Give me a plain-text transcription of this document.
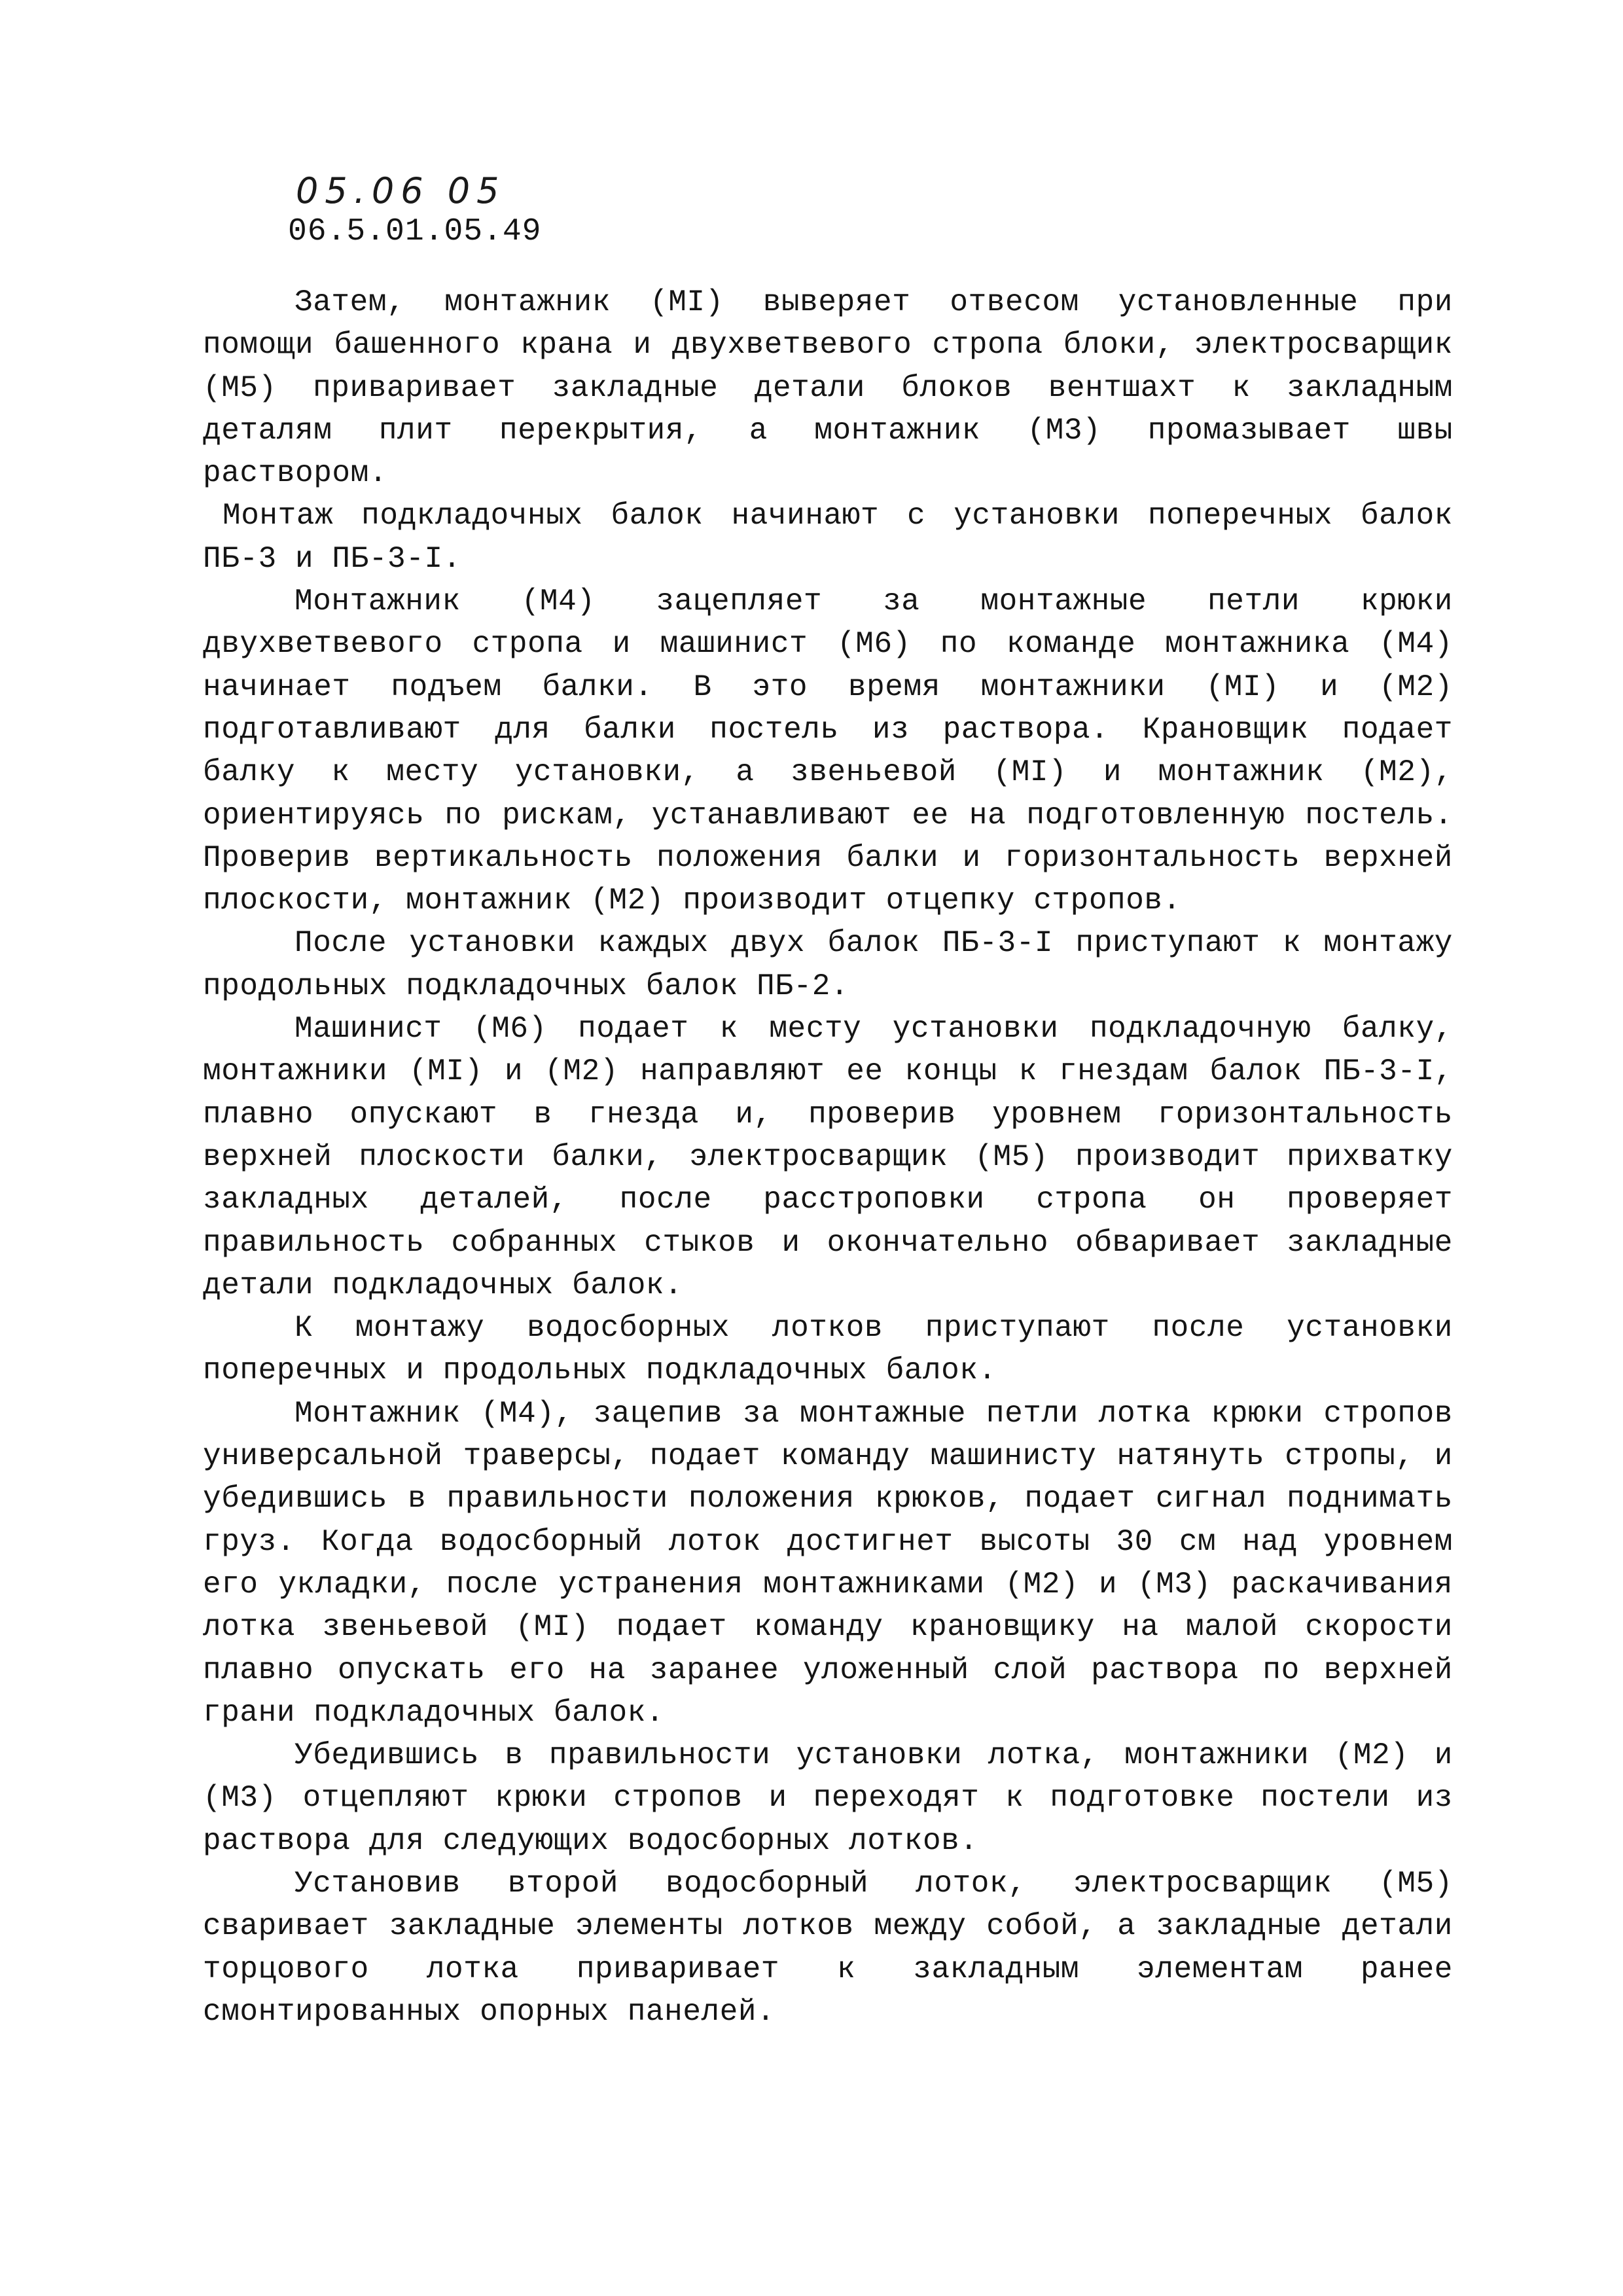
05.06 05
06.5.01.05.49

Затем, монтажник (МI) выверяет отвесом установленные при помощи башенного крана и двухветвевого стропа блоки, электросварщик (М5) приваривает закладные детали блоков вентшахт к закладным деталям плит перекрытия, а монтажник (М3) промазывает швы раствором.

Монтаж подкладочных балок начинают с установки поперечных балок ПБ-3 и ПБ-3-I.

Монтажник (М4) зацепляет за монтажные петли крюки двухветвевого стропа и машинист (М6) по команде монтажника (М4) начинает подъем балки. В это время монтажники (МI) и (М2) подготавливают для балки постель из раствора. Крановщик подает балку к месту установки, а звеньевой (МI) и монтажник (М2), ориентируясь по рискам, устанавливают ее на подготовленную постель. Проверив вертикальность положения балки и горизонтальность верхней плоскости, монтажник (М2) производит отцепку стропов.

После установки каждых двух балок ПБ-3-I приступают к монтажу продольных подкладочных балок ПБ-2.

Машинист (М6) подает к месту установки подкладочную балку, монтажники (МI) и (М2) направляют ее концы к гнездам балок ПБ-3-I, плавно опускают в гнезда и, проверив уровнем горизонтальность верхней плоскости балки, электросварщик (М5) производит прихватку закладных деталей, после расстроповки стропа он проверяет правильность собранных стыков и окончательно обваривает закладные детали подкладочных балок.

К монтажу водосборных лотков приступают после установки поперечных и продольных подкладочных балок.

Монтажник (М4), зацепив за монтажные петли лотка крюки стропов универсальной траверсы, подает команду машинисту натянуть стропы, и убедившись в правильности положения крюков, подает сигнал поднимать груз. Когда водосборный лоток достигнет высоты 30 см над уровнем его укладки, после устранения монтажниками (М2) и (М3) раскачивания лотка звеньевой (МI) подает команду крановщику на малой скорости плавно опускать его на заранее уложенный слой раствора по верхней грани подкладочных балок.

Убедившись в правильности установки лотка, монтажники (М2) и (М3) отцепляют крюки стропов и переходят к подготовке постели из раствора для следующих водосборных лотков.

Установив второй водосборный лоток, электросварщик (М5) сваривает закладные элементы лотков между собой, а закладные детали торцового лотка приваривает к закладным элементам ранее смонтированных опорных панелей.
